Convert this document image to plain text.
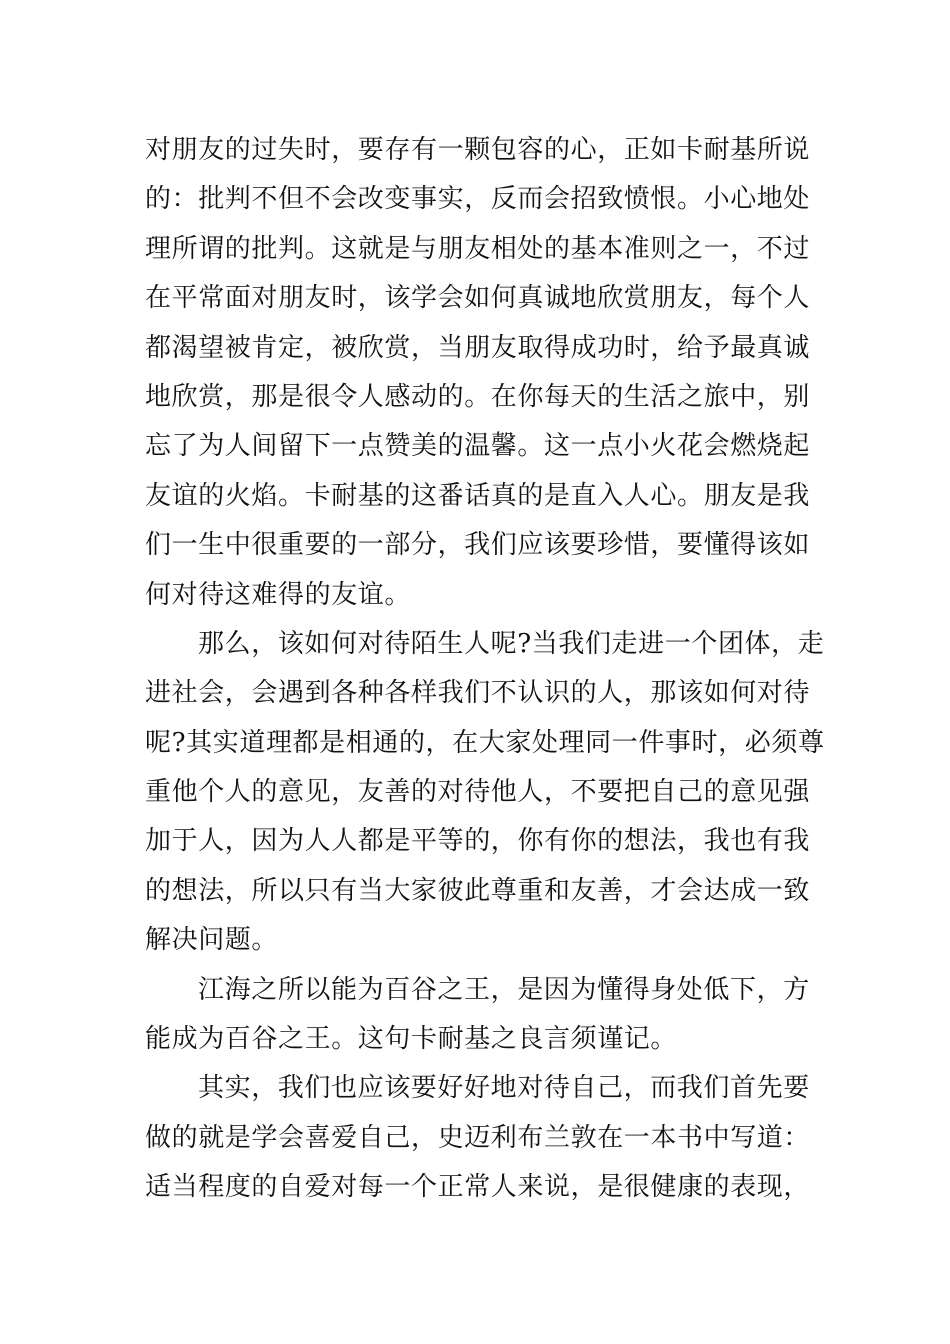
对朋友的过失时，要存有一颗包容的心，正如卡耐基所说
的：批判不但不会改变事实，反而会招致愤恨。小心地处
理所谓的批判。这就是与朋友相处的基本准则之一，不过
在平常面对朋友时，该学会如何真诚地欣赏朋友，每个人
都渴望被肯定，被欣赏，当朋友取得成功时，给予最真诚
地欣赏，那是很令人感动的。在你每天的生活之旅中，别
忘了为人间留下一点赞美的温馨。这一点小火花会燃烧起
友谊的火焰。卡耐基的这番话真的是直入人心。朋友是我
们一生中很重要的一部分，我们应该要珍惜，要懂得该如
何对待这难得的友谊。
那么，该如何对待陌生人呢?当我们走进一个团体，走
进社会，会遇到各种各样我们不认识的人，那该如何对待
呢?其实道理都是相通的，在大家处理同一件事时，必须尊
重他个人的意见，友善的对待他人，不要把自己的意见强
加于人，因为人人都是平等的，你有你的想法，我也有我
的想法，所以只有当大家彼此尊重和友善，才会达成一致
解决问题。
江海之所以能为百谷之王，是因为懂得身处低下，方
能成为百谷之王。这句卡耐基之良言须谨记。
其实，我们也应该要好好地对待自己，而我们首先要
做的就是学会喜爱自己，史迈利布兰敦在一本书中写道：
适当程度的自爱对每一个正常人来说，是很健康的表现，
